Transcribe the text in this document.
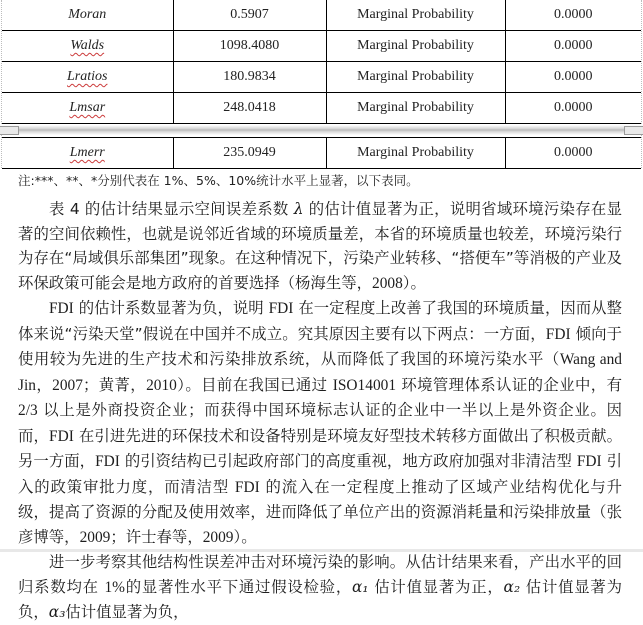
Moran	0.5907	Marginal Probability	0.0000
Walds	1098.4080	Marginal Probability	0.0000
Lratios	180.9834	Marginal Probability	0.0000
Lmsar	248.0418	Marginal Probability	0.0000
Lmerr	235.0949	Marginal Probability	0.0000
注:***、**、*分别代表在 1%、5%、10%统计水平上显著，以下表同。

表 4 的估计结果显示空间误差系数 λ 的估计值显著为正，说明省域环境污染存在显著的空间依赖性，也就是说邻近省域的环境质量差，本省的环境质量也较差，环境污染行为存在“局域俱乐部集团”现象。在这种情况下，污染产业转移、“搭便车”等消极的产业及环保政策可能会是地方政府的首要选择（杨海生等，2008）。

FDI 的估计系数显著为负，说明 FDI 在一定程度上改善了我国的环境质量，因而从整体来说“污染天堂”假说在中国并不成立。究其原因主要有以下两点：一方面，FDI 倾向于使用较为先进的生产技术和污染排放系统，从而降低了我国的环境污染水平（Wang and Jin，2007；黄菁，2010）。目前在我国已通过 ISO14001 环境管理体系认证的企业中，有 2/3 以上是外商投资企业；而获得中国环境标志认证的企业中一半以上是外资企业。因而，FDI 在引进先进的环保技术和设备特别是环境友好型技术转移方面做出了积极贡献。另一方面，FDI 的引资结构已引起政府部门的高度重视，地方政府加强对非清洁型 FDI 引入的政策审批力度，而清洁型 FDI 的流入在一定程度上推动了区域产业结构优化与升级，提高了资源的分配及使用效率，进而降低了单位产出的资源消耗量和污染排放量（张彦博等，2009；许士春等，2009）。

进一步考察其他结构性误差冲击对环境污染的影响。从估计结果来看，产出水平的回归系数均在 1%的显著性水平下通过假设检验，α₁ 估计值显著为正，α₂ 估计值显著为负，α₃估计值显著为负，
